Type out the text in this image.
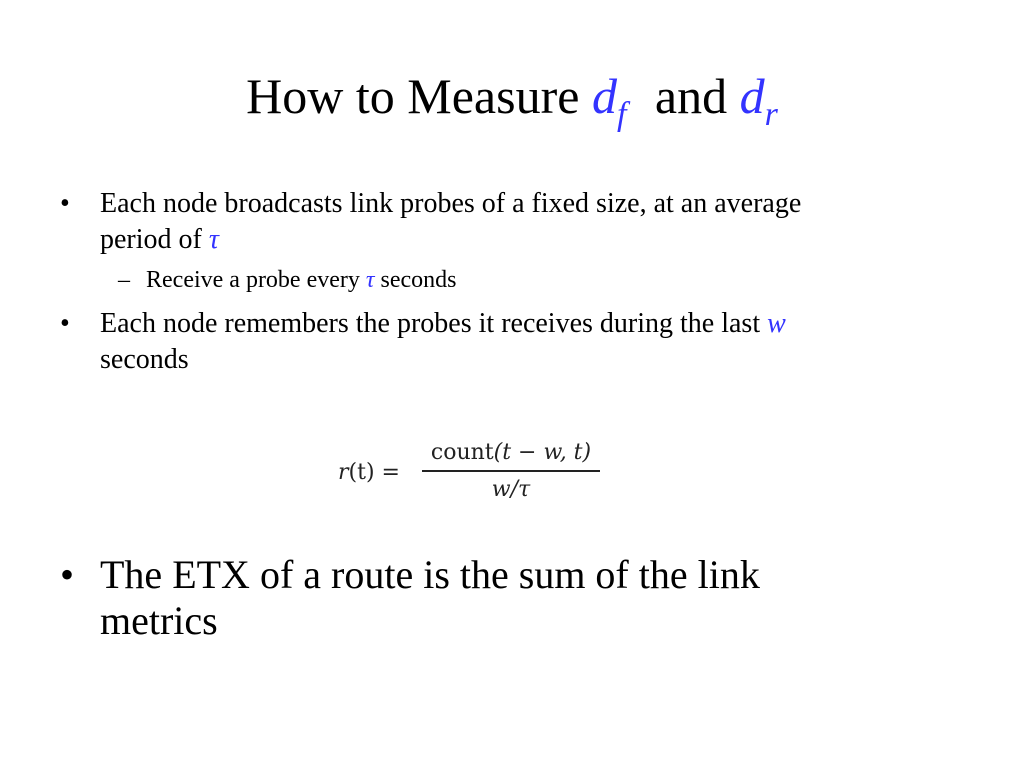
How to Measure $d_f$ and $d_r$
•	Each node broadcasts link probes of a fixed size, at an average
period of τ
– Receive a probe every τ seconds
•	Each node remembers the probes it receives during the last w
seconds
r(t) =
count(t − w, t)
w/τ
• The ETX of a route is the sum of the link metrics
